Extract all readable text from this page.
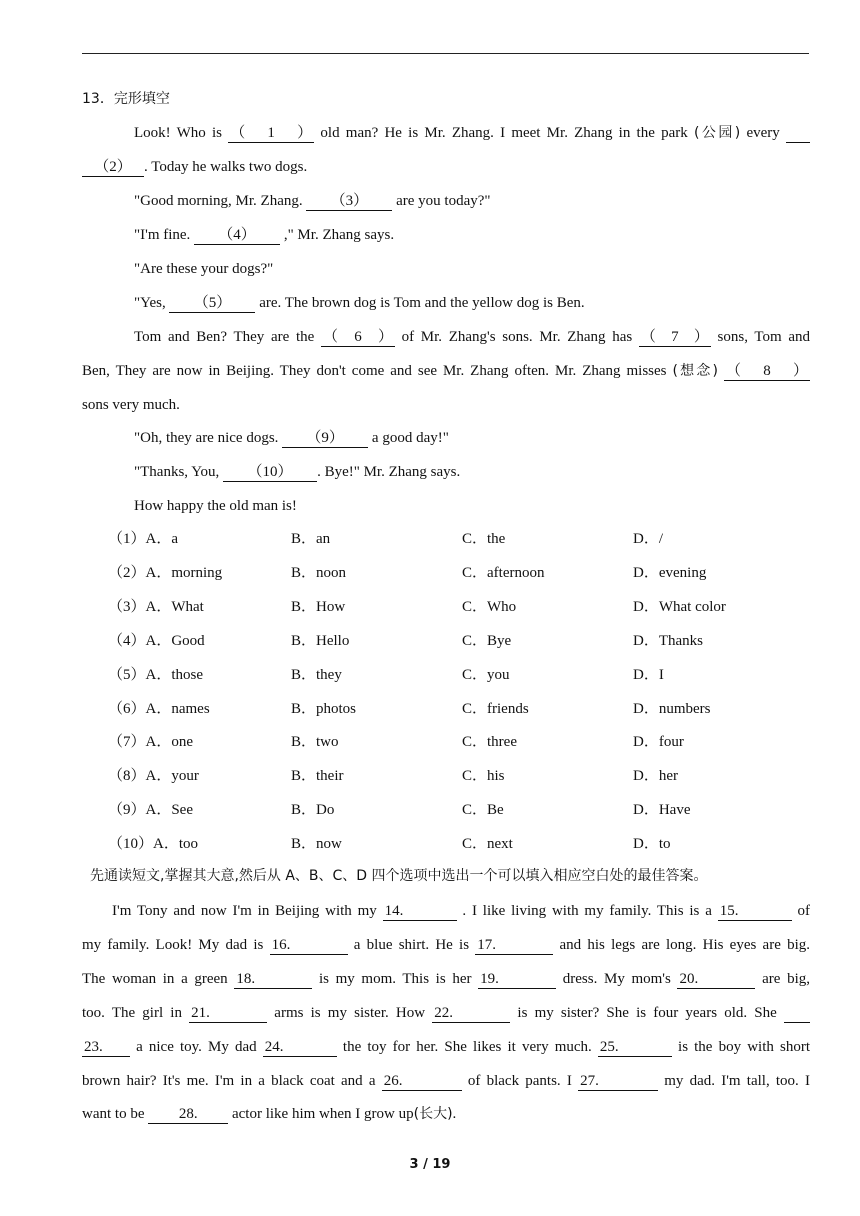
13．完形填空
Look! Who is （1） old man? He is Mr. Zhang. I meet Mr. Zhang in the park (公园) every
（2） . Today he walks two dogs.
"Good morning, Mr. Zhang. （3） are you today?"
"I'm fine. （4） ," Mr. Zhang says.
"Are these your dogs?"
"Yes, （5） are. The brown dog is Tom and the yellow dog is Ben.
Tom and Ben? They are the （6） of Mr. Zhang's sons. Mr. Zhang has （7） sons, Tom and
Ben, They are now in Beijing. They don't come and see Mr. Zhang often. Mr. Zhang misses (想念) （8）
sons very much.
"Oh, they are nice dogs. （9） a good day!"
"Thanks, You, （10） . Bye!" Mr. Zhang says.
How happy the old man is!
（1）A．a	B．an	C．the	D．/
（2）A．morning	B．noon	C．afternoon	D．evening
（3）A．What	B．How	C．Who	D．What color
（4）A．Good	B．Hello	C．Bye	D．Thanks
（5）A．those	B．they	C．you	D．I
（6）A．names	B．photos	C．friends	D．numbers
（7）A．one	B．two	C．three	D．four
（8）A．your	B．their	C．his	D．her
（9）A．See	B．Do	C．Be	D．Have
（10）A．too	B．now	C．next	D．to
先通读短文,掌握其大意,然后从 A、B、C、D 四个选项中选出一个可以填入相应空白处的最佳答案。
I'm Tony and now I'm in Beijing with my 14.	. I like living with my family. This is a 15.	of
my family. Look! My dad is 16.	a blue shirt. He is 17.	and his legs are long. His eyes are big.
The woman in a green 18.	is my mom. This is her 19.	dress. My mom's 20.	are big,
too. The girl in 21.	arms is my sister. How 22.	is my sister? She is four years old. She
23. a nice toy. My dad 24.	the toy for her. She likes it very much. 25.	is the boy with short
brown hair? It's me. I'm in a black coat and a 26.	of black pants. I 27.	my dad. I'm tall, too. I
want to be 28. actor like him when I grow up(长大).
3 / 19
